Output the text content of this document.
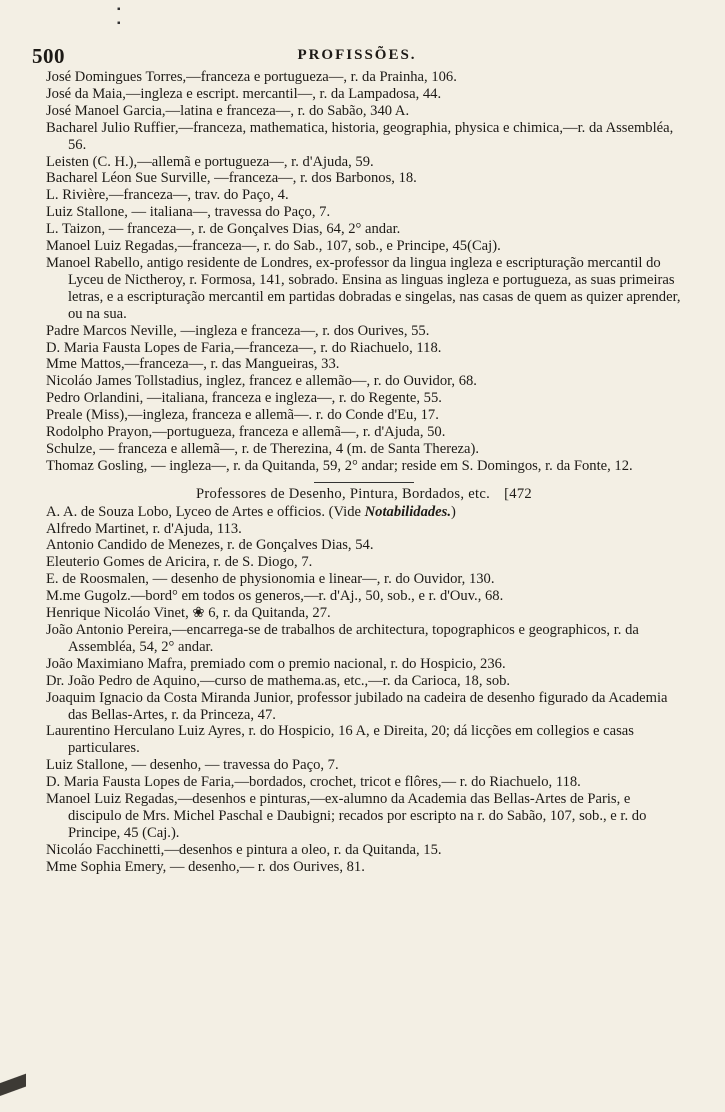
▪
▪
500	PROFISSÕES.

José Domingues Torres,—franceza e portugueza—, r. da Prainha, 106.

José da Maia,—ingleza e escript. mercantil—, r. da Lampadosa, 44.

José Manoel Garcia,—latina e franceza—, r. do Sabão, 340 A.

Bacharel Julio Ruffier,—franceza, mathematica, historia, geographia, physica e chimica,—r. da Assembléa, 56.

Leisten (C. H.),—allemã e portugueza—, r. d'Ajuda, 59.

Bacharel Léon Sue Surville, —franceza—, r. dos Barbonos, 18.

L. Rivière,—franceza—, trav. do Paço, 4.

Luiz Stallone, — italiana—, travessa do Paço, 7.

L. Taizon, — franceza—, r. de Gonçalves Dias, 64, 2° andar.

Manoel Luiz Regadas,—franceza—, r. do Sab., 107, sob., e Principe, 45(Caj).

Manoel Rabello, antigo residente de Londres, ex-professor da lingua ingleza e escripturação mercantil do Lyceu de Nictheroy, r. Formosa, 141, sobrado. Ensina as linguas ingleza e portugueza, as suas primeiras letras, e a escripturação mercantil em partidas dobradas e singelas, nas casas de quem as quizer aprender, ou na sua.

Padre Marcos Neville, —ingleza e franceza—, r. dos Ourives, 55.

D. Maria Fausta Lopes de Faria,—franceza—, r. do Riachuelo, 118.

Mme Mattos,—franceza—, r. das Mangueiras, 33.

Nicoláo James Tollstadius, inglez, francez e allemão—, r. do Ouvidor, 68.

Pedro Orlandini, —italiana, franceza e ingleza—, r. do Regente, 55.

Preale (Miss),—ingleza, franceza e allemã—. r. do Conde d'Eu, 17.

Rodolpho Prayon,—portugueza, franceza e allemã—, r. d'Ajuda, 50.

Schulze, — franceza e allemã—, r. de Therezina, 4 (m. de Santa Thereza).

Thomaz Gosling, — ingleza—, r. da Quitanda, 59, 2° andar; reside em S. Domingos, r. da Fonte, 12.

Professores de Desenho, Pintura, Bordados, etc. [472

A. A. de Souza Lobo, Lyceo de Artes e officios. (Vide Notabilidades.)

Alfredo Martinet, r. d'Ajuda, 113.

Antonio Candido de Menezes, r. de Gonçalves Dias, 54.

Eleuterio Gomes de Aricira, r. de S. Diogo, 7.

E. de Roosmalen, — desenho de physionomia e linear—, r. do Ouvidor, 130.

M.me Gugolz.—bord° em todos os generos,—r. d'Aj., 50, sob., e r. d'Ouv., 68.

Henrique Nicoláo Vinet, ❀ 6, r. da Quitanda, 27.

João Antonio Pereira,—encarrega-se de trabalhos de architectura, topographicos e geographicos, r. da Assembléa, 54, 2° andar.

João Maximiano Mafra, premiado com o premio nacional, r. do Hospicio, 236.

Dr. João Pedro de Aquino,—curso de mathema.as, etc.,—r. da Carioca, 18, sob.

Joaquim Ignacio da Costa Miranda Junior, professor jubilado na cadeira de desenho figurado da Academia das Bellas-Artes, r. da Princeza, 47.

Laurentino Herculano Luiz Ayres, r. do Hospicio, 16 A, e Direita, 20; dá licções em collegios e casas particulares.

Luiz Stallone, — desenho, — travessa do Paço, 7.

D. Maria Fausta Lopes de Faria,—bordados, crochet, tricot e flôres,— r. do Riachuelo, 118.

Manoel Luiz Regadas,—desenhos e pinturas,—ex-alumno da Academia das Bellas-Artes de Paris, e discipulo de Mrs. Michel Paschal e Daubigni; recados por escripto na r. do Sabão, 107, sob., e r. do Principe, 45 (Caj.).

Nicoláo Facchinetti,—desenhos e pintura a oleo, r. da Quitanda, 15.

Mme Sophia Emery, — desenho,— r. dos Ourives, 81.
